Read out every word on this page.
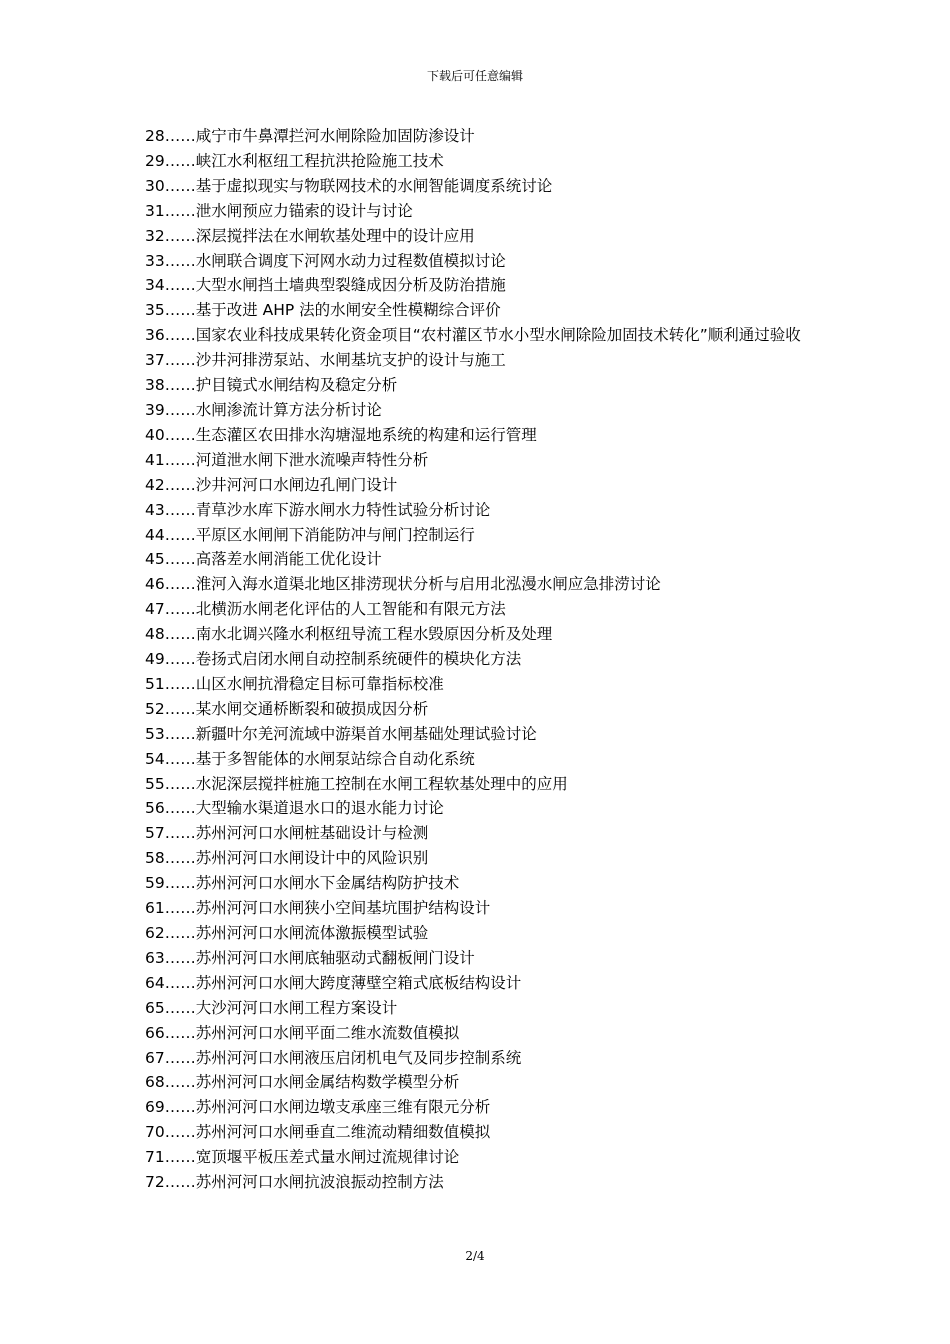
下载后可任意编辑
28……咸宁市牛鼻潭拦河水闸除险加固防渗设计
29……峡江水利枢纽工程抗洪抢险施工技术
30……基于虚拟现实与物联网技术的水闸智能调度系统讨论
31……泄水闸预应力锚索的设计与讨论
32……深层搅拌法在水闸软基处理中的设计应用
33……水闸联合调度下河网水动力过程数值模拟讨论
34……大型水闸挡土墙典型裂缝成因分析及防治措施
35……基于改进 AHP 法的水闸安全性模糊综合评价
36……国家农业科技成果转化资金项目“农村灌区节水小型水闸除险加固技术转化”顺利通过验收
37……沙井河排涝泵站、水闸基坑支护的设计与施工
38……护目镜式水闸结构及稳定分析
39……水闸渗流计算方法分析讨论
40……生态灌区农田排水沟塘湿地系统的构建和运行管理
41……河道泄水闸下泄水流噪声特性分析
42……沙井河河口水闸边孔闸门设计
43……青草沙水库下游水闸水力特性试验分析讨论
44……平原区水闸闸下消能防冲与闸门控制运行
45……高落差水闸消能工优化设计
46……淮河入海水道渠北地区排涝现状分析与启用北泓漫水闸应急排涝讨论
47……北横沥水闸老化评估的人工智能和有限元方法
48……南水北调兴隆水利枢纽导流工程水毁原因分析及处理
49……卷扬式启闭水闸自动控制系统硬件的模块化方法
51……山区水闸抗滑稳定目标可靠指标校准
52……某水闸交通桥断裂和破损成因分析
53……新疆叶尔羌河流域中游渠首水闸基础处理试验讨论
54……基于多智能体的水闸泵站综合自动化系统
55……水泥深层搅拌桩施工控制在水闸工程软基处理中的应用
56……大型输水渠道退水口的退水能力讨论
57……苏州河河口水闸桩基础设计与检测
58……苏州河河口水闸设计中的风险识别
59……苏州河河口水闸水下金属结构防护技术
61……苏州河河口水闸狭小空间基坑围护结构设计
62……苏州河河口水闸流体激振模型试验
63……苏州河河口水闸底轴驱动式翻板闸门设计
64……苏州河河口水闸大跨度薄壁空箱式底板结构设计
65……大沙河河口水闸工程方案设计
66……苏州河河口水闸平面二维水流数值模拟
67……苏州河河口水闸液压启闭机电气及同步控制系统
68……苏州河河口水闸金属结构数学模型分析
69……苏州河河口水闸边墩支承座三维有限元分析
70……苏州河河口水闸垂直二维流动精细数值模拟
71……宽顶堰平板压差式量水闸过流规律讨论
72……苏州河河口水闸抗波浪振动控制方法
2/4
